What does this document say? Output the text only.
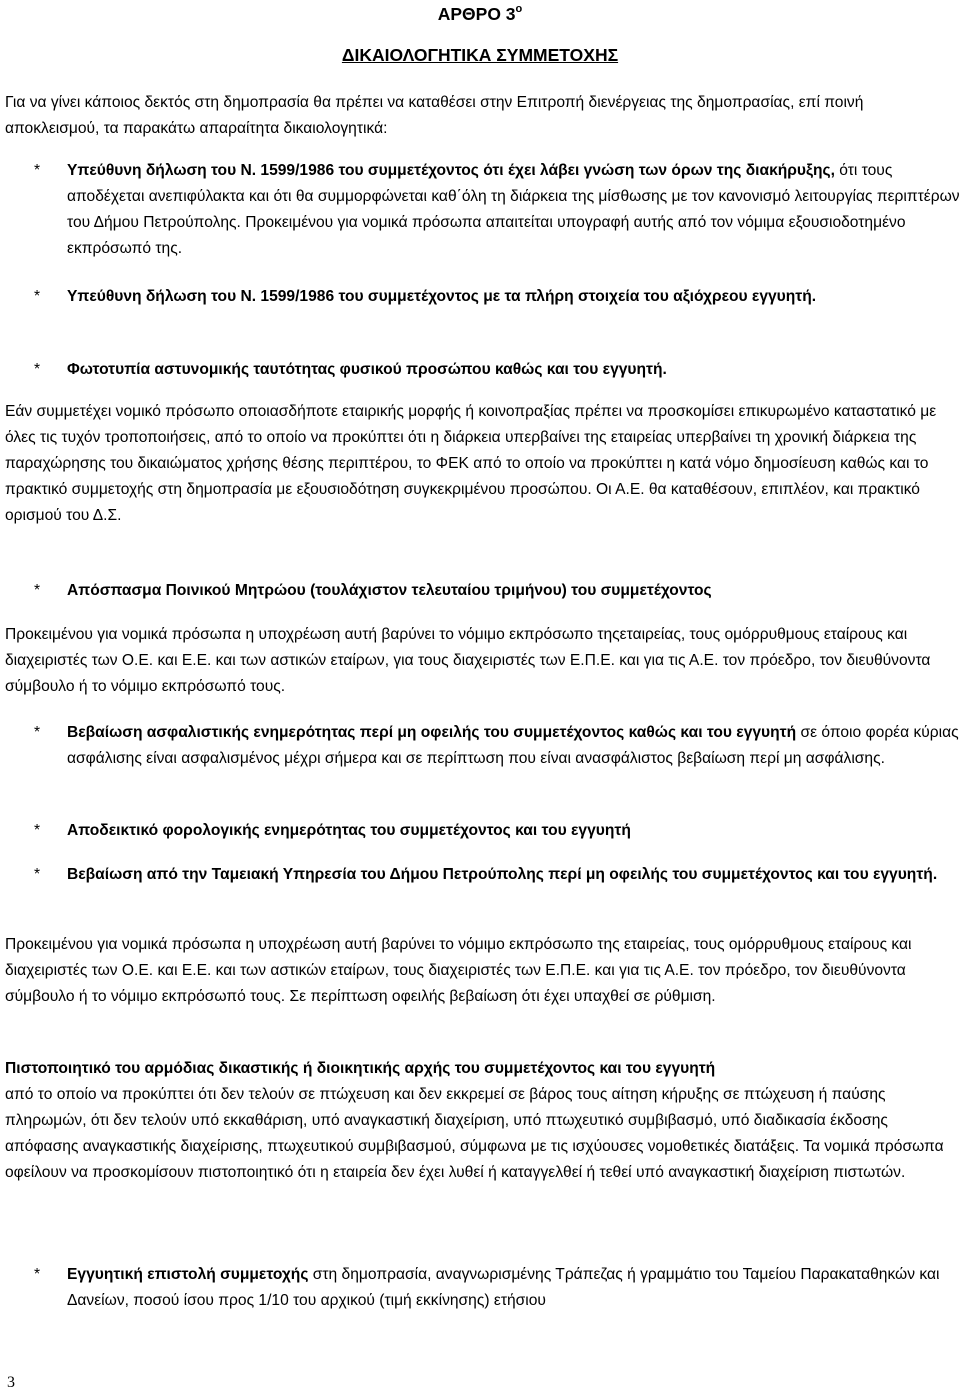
ΑΡΘΡΟ $3^o$
ΔΙΚΑΙΟΛΟΓΗΤΙΚΑ ΣΥΜΜΕΤΟΧΗΣ

Για να γίνει κάποιος δεκτός στη δημοπρασία θα πρέπει να καταθέσει στην Επιτροπή διενέργειας της δημοπρασίας, επί ποινή αποκλεισμού, τα παρακάτω απαραίτητα δικαιολογητικά:

* Υπεύθυνη δήλωση του Ν. 1599/1986 του συμμετέχοντος ότι έχει λάβει γνώση των όρων της διακήρυξης, ότι τους αποδέχεται ανεπιφύλακτα και ότι θα συμμορφώνεται καθ΄όλη τη διάρκεια της μίσθωσης με τον κανονισμό λειτουργίας περιπτέρων του Δήμου Πετρούπολης. Προκειμένου για νομικά πρόσωπα απαιτείται υπογραφή αυτής από τον νόμιμα εξουσιοδοτημένο εκπρόσωπό της.
* Υπεύθυνη δήλωση του Ν. 1599/1986 του συμμετέχοντος με τα πλήρη στοιχεία του αξιόχρεου εγγυητή.
* Φωτοτυπία αστυνομικής ταυτότητας φυσικού προσώπου καθώς και του εγγυητή.

Εάν συμμετέχει νομικό πρόσωπο οποιασδήποτε εταιρικής μορφής ή κοινοπραξίας πρέπει να προσκομίσει επικυρωμένο καταστατικό με όλες τις τυχόν τροποποιήσεις, από το οποίο να προκύπτει ότι η διάρκεια υπερβαίνει της εταιρείας υπερβαίνει τη χρονική διάρκεια της παραχώρησης του δικαιώματος χρήσης θέσης περιπτέρου, το ΦΕΚ από το οποίο να προκύπτει η κατά νόμο δημοσίευση καθώς και το πρακτικό συμμετοχής στη δημοπρασία με εξουσιοδότηση συγκεκριμένου προσώπου. Οι Α.Ε. θα καταθέσουν, επιπλέον, και πρακτικό ορισμού του Δ.Σ.

* Απόσπασμα Ποινικού Μητρώου (τουλάχιστον τελευταίου τριμήνου) του συμμετέχοντος

Προκειμένου για νομικά πρόσωπα η υποχρέωση αυτή βαρύνει το νόμιμο εκπρόσωπο τηςεταιρείας, τους ομόρρυθμους εταίρους και διαχειριστές των Ο.Ε. και Ε.Ε. και των αστικών εταίρων, για τους διαχειριστές των Ε.Π.Ε. και για τις Α.Ε. τον πρόεδρο, τον διευθύνοντα σύμβουλο ή το νόμιμο εκπρόσωπό τους.

* Βεβαίωση ασφαλιστικής ενημερότητας περί μη οφειλής του συμμετέχοντος καθώς και του εγγυητή σε όποιο φορέα κύριας ασφάλισης είναι ασφαλισμένος μέχρι σήμερα και σε περίπτωση που είναι ανασφάλιστος βεβαίωση περί μη ασφάλισης.
* Αποδεικτικό φορολογικής ενημερότητας του συμμετέχοντος και του εγγυητή
* Βεβαίωση από την Ταμειακή Υπηρεσία του Δήμου Πετρούπολης περί μη οφειλής του συμμετέχοντος και του εγγυητή.

Προκειμένου για νομικά πρόσωπα η υποχρέωση αυτή βαρύνει το νόμιμο εκπρόσωπο της εταιρείας, τους ομόρρυθμους εταίρους και διαχειριστές των Ο.Ε. και Ε.Ε. και των αστικών εταίρων, τους διαχειριστές των Ε.Π.Ε. και για τις Α.Ε. τον πρόεδρο, τον διευθύνοντα σύμβουλο ή το νόμιμο εκπρόσωπό τους. Σε περίπτωση οφειλής βεβαίωση ότι έχει υπαχθεί σε ρύθμιση.

Πιστοποιητικό του αρμόδιας δικαστικής ή διοικητικής αρχής του συμμετέχοντος και του εγγυητή
από το οποίο να προκύπτει ότι δεν τελούν σε πτώχευση και δεν εκκρεμεί σε βάρος τους αίτηση κήρυξης σε πτώχευση ή παύσης πληρωμών, ότι δεν τελούν υπό εκκαθάριση, υπό αναγκαστική διαχείριση, υπό πτωχευτικό συμβιβασμό, υπό διαδικασία έκδοσης απόφασης αναγκαστικής διαχείρισης, πτωχευτικού συμβιβασμού, σύμφωνα με τις ισχύουσες νομοθετικές διατάξεις. Τα νομικά πρόσωπα οφείλουν να προσκομίσουν πιστοποιητικό ότι η εταιρεία δεν έχει λυθεί ή καταγγελθεί ή τεθεί υπό αναγκαστική διαχείριση πιστωτών.

* Εγγυητική επιστολή συμμετοχής στη δημοπρασία, αναγνωρισμένης Τράπεζας ή γραμμάτιο του Ταμείου Παρακαταθηκών και Δανείων, ποσού ίσου προς 1/10 του αρχικού (τιμή εκκίνησης) ετήσιου
3
